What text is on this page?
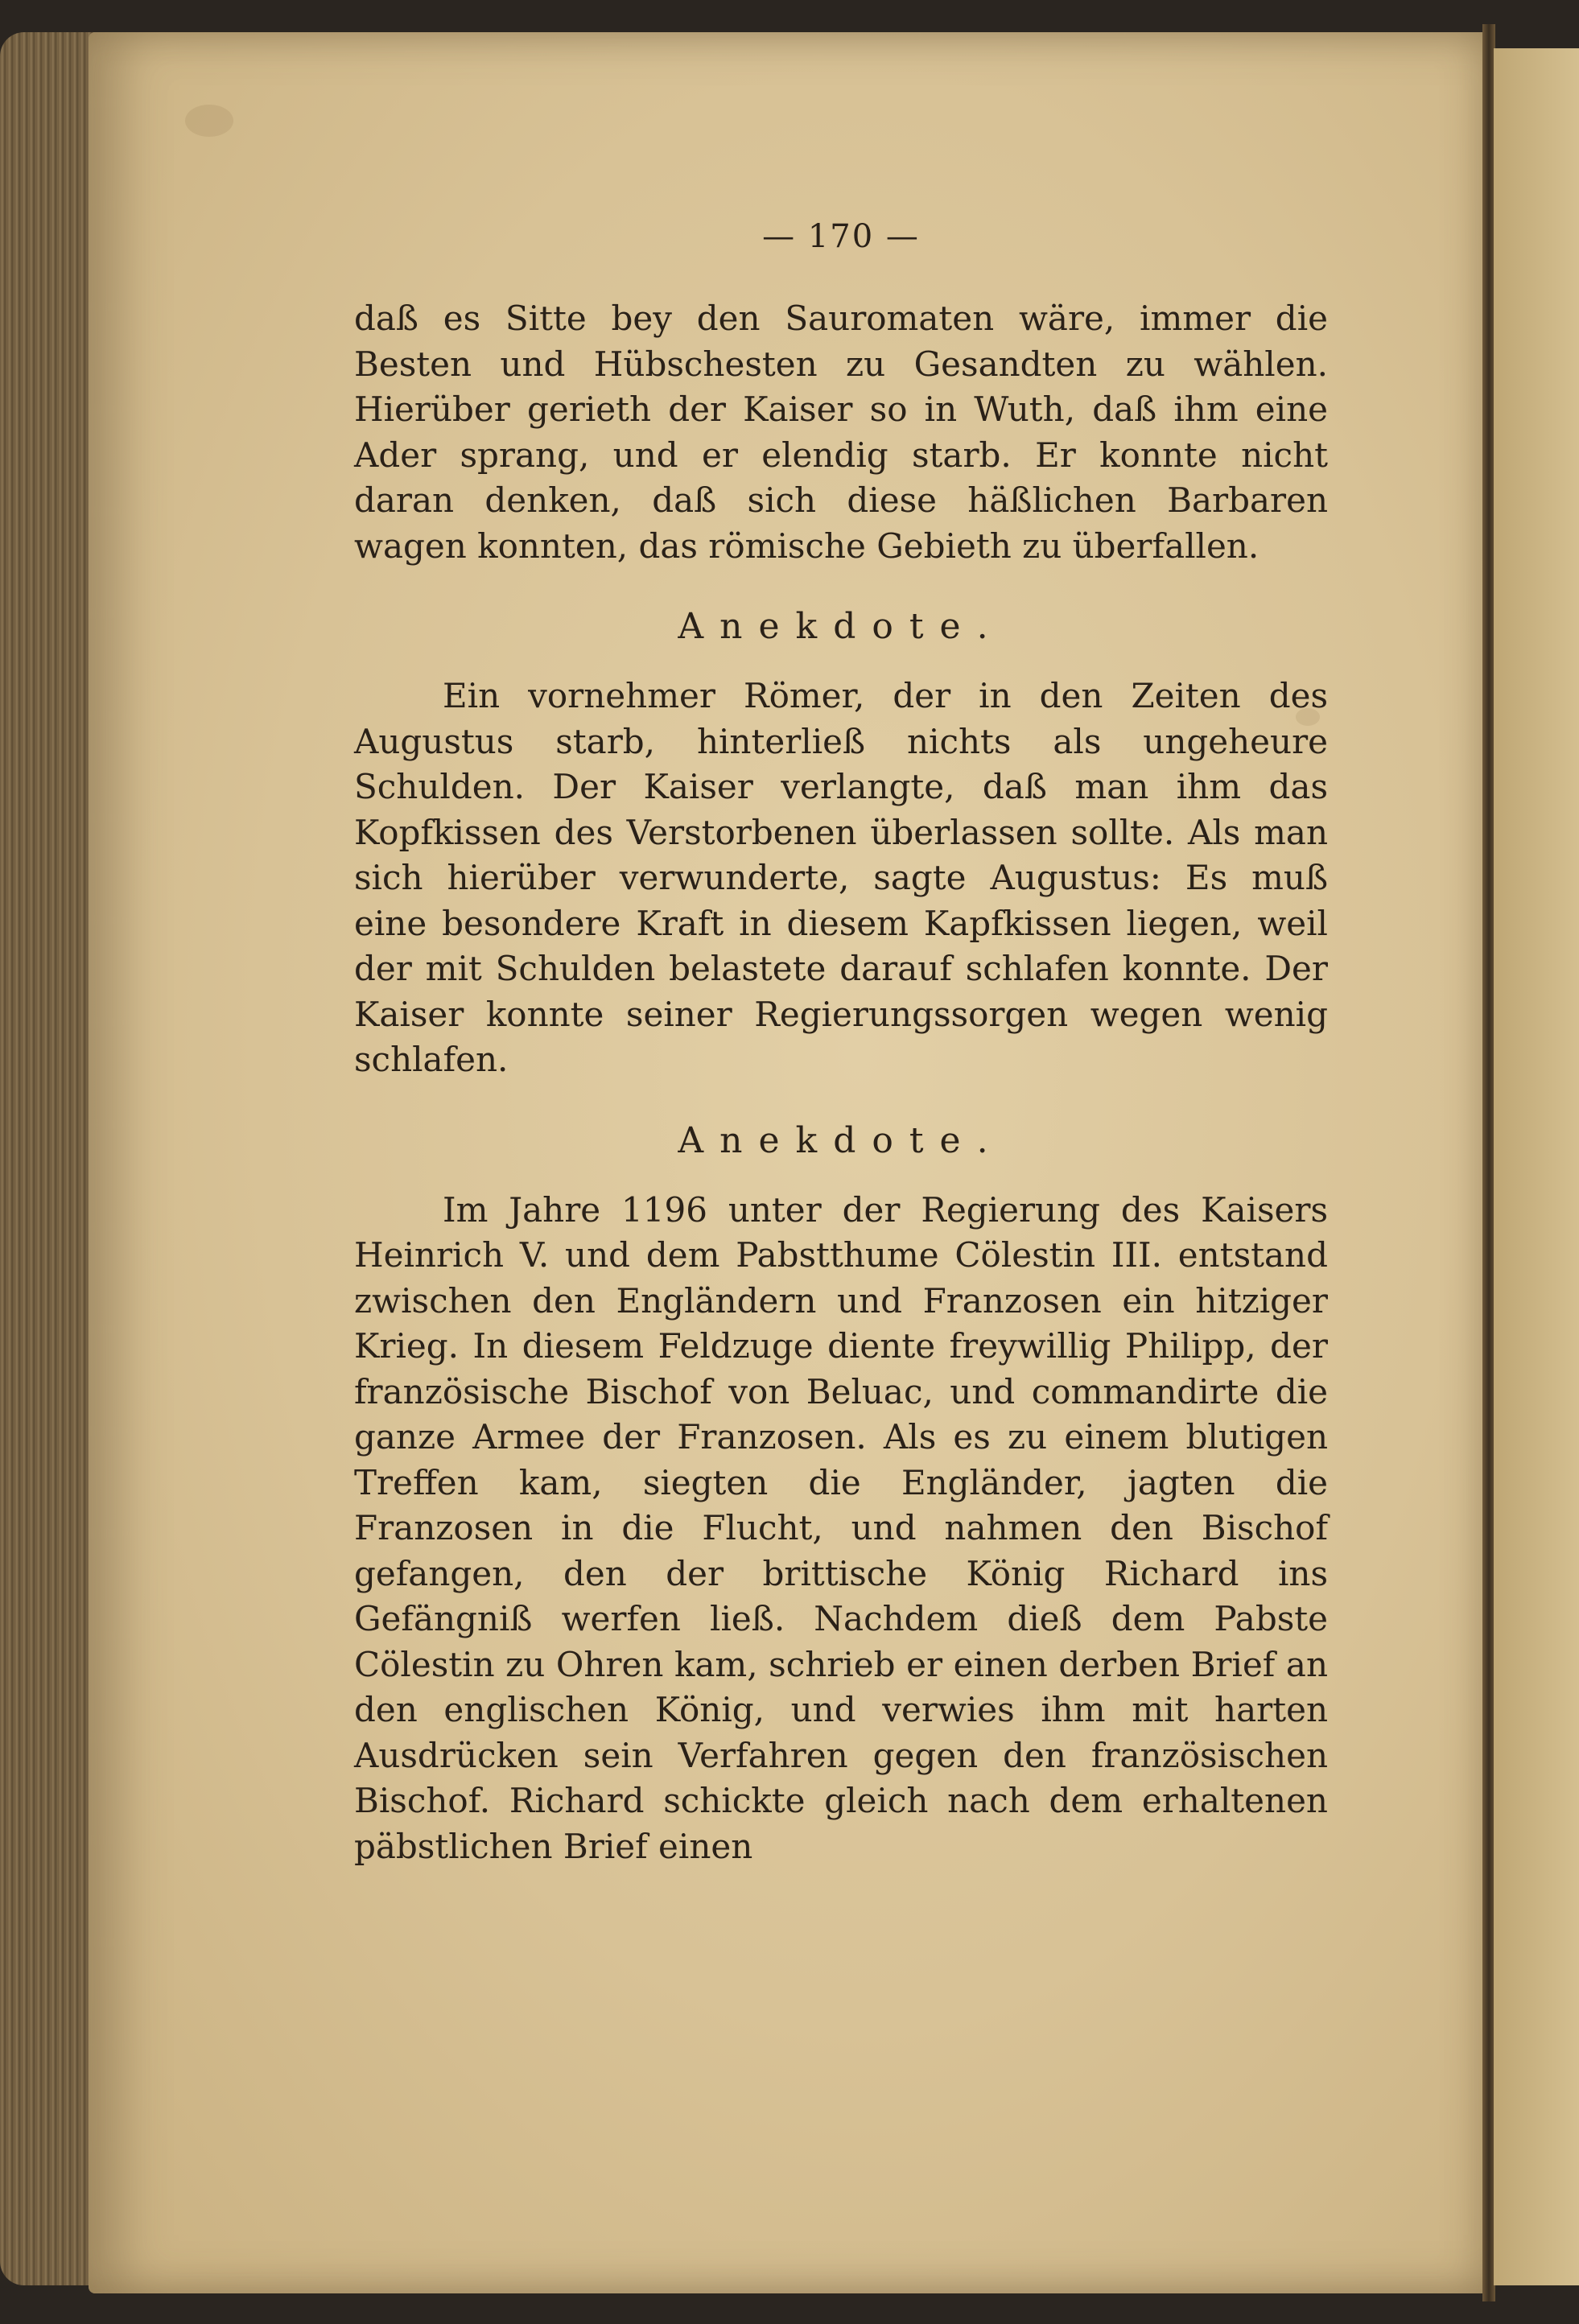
— 170 —

daß es Sitte bey den Sauromaten wäre, immer die Besten und Hübschesten zu Gesandten zu wählen. Hierüber gerieth der Kaiser so in Wuth, daß ihm eine Ader sprang, und er elendig starb. Er konnte nicht daran denken, daß sich diese häßlichen Barbaren wagen konnten, das römische Gebieth zu überfallen.

Anekdote.

Ein vornehmer Römer, der in den Zeiten des Augustus starb, hinterließ nichts als ungeheure Schulden. Der Kaiser verlangte, daß man ihm das Kopfkissen des Verstorbenen überlassen sollte. Als man sich hierüber verwunderte, sagte Augustus: Es muß eine besondere Kraft in diesem Kapfkissen liegen, weil der mit Schulden belastete darauf schlafen konnte. Der Kaiser konnte seiner Regierungssorgen wegen wenig schlafen.

Anekdote.

Im Jahre 1196 unter der Regierung des Kaisers Heinrich V. und dem Pabstthume Cölestin III. entstand zwischen den Engländern und Franzosen ein hitziger Krieg. In diesem Feldzuge diente freywillig Philipp, der französische Bischof von Beluac, und commandirte die ganze Armee der Franzosen. Als es zu einem blutigen Treffen kam, siegten die Engländer, jagten die Franzosen in die Flucht, und nahmen den Bischof gefangen, den der brittische König Richard ins Gefängniß werfen ließ. Nachdem dieß dem Pabste Cölestin zu Ohren kam, schrieb er einen derben Brief an den englischen König, und verwies ihm mit harten Ausdrücken sein Verfahren gegen den französischen Bischof. Richard schickte gleich nach dem erhaltenen päbstlichen Brief einen
